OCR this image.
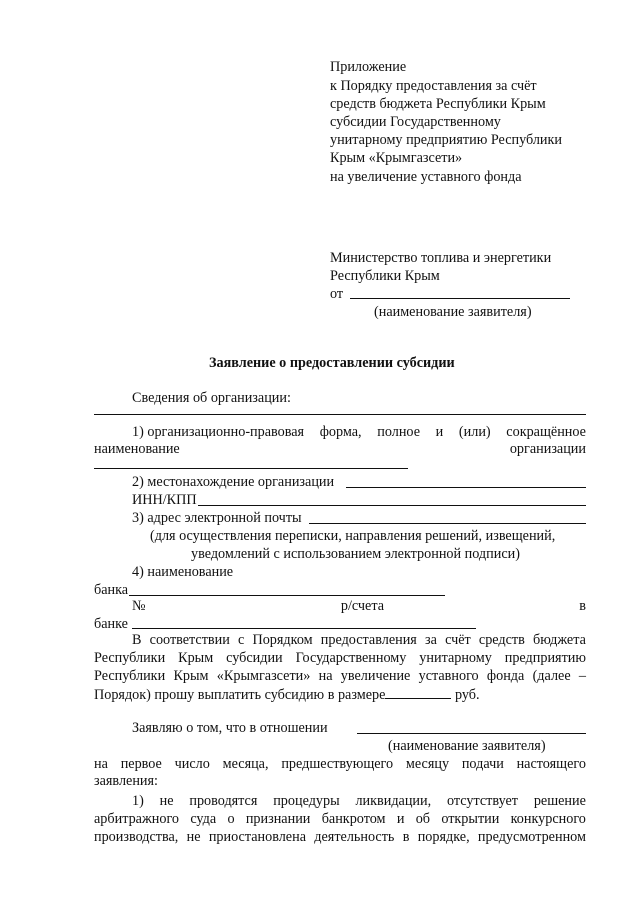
Приложение
к Порядку предоставления за счёт
средств бюджета Республики Крым
субсидии Государственному
унитарному предприятию Республики
Крым «Крымгазсети»
на увеличение уставного фонда
Министерство топлива и энергетики
Республики Крым
от
(наименование заявителя)
Заявление о предоставлении субсидии
Сведения об организации:
1) организационно-правовая форма, полное и (или) сокращённое
наименование	организации
2) местонахождение организации
ИНН/КПП
3) адрес электронной почты
(для осуществления переписки, направления решений, извещений,
уведомлений с использованием электронной подписи)
4) наименование
банка
№	р/счета	в
банке
В соответствии с Порядком предоставления за счёт средств бюджета
Республики Крым субсидии Государственному унитарному предприятию
Республики Крым «Крымгазсети» на увеличение уставного фонда (далее –
Порядок) прошу выплатить субсидию в размере	руб.
Заявляю о том, что в отношении
(наименование заявителя)
на первое число месяца, предшествующего месяцу подачи настоящего
заявления:
1) не проводятся процедуры ликвидации, отсутствует решение
арбитражного суда о признании банкротом и об открытии конкурсного
производства, не приостановлена деятельность в порядке, предусмотренном
